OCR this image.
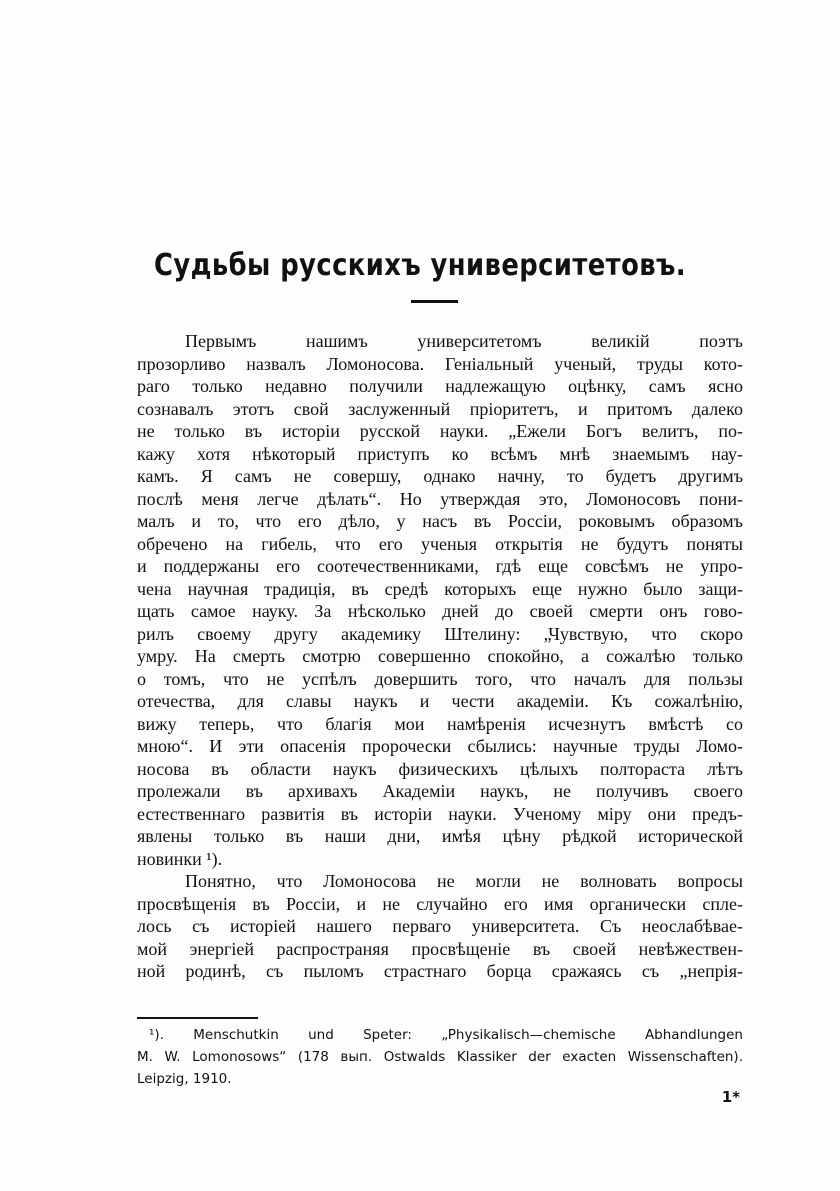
Судьбы русскихъ университетовъ.
Первымъ нашимъ университетомъ великій поэтъ
прозорливо назвалъ Ломоносова. Геніальный ученый, труды кото-
раго только недавно получили надлежащую оцѣнку, самъ ясно
сознавалъ этотъ свой заслуженный пріоритетъ, и притомъ далеко
не только въ исторіи русской науки. „Ежели Богъ велитъ, по-
кажу хотя нѣкоторый приступъ ко всѣмъ мнѣ знаемымъ нау-
камъ. Я самъ не совершу, однако начну, то будетъ другимъ
послѣ меня легче дѣлать“. Но утверждая это, Ломоносовъ пони-
малъ и то, что его дѣло, у насъ въ Россіи, роковымъ образомъ
обречено на гибель, что его ученыя открытія не будутъ поняты
и поддержаны его соотечественниками, гдѣ еще совсѣмъ не упро-
чена научная традиція, въ средѣ которыхъ еще нужно было защи-
щать самое науку. За нѣсколько дней до своей смерти онъ гово-
рилъ своему другу академику Штелину: „Чувствую, что скоро
умру. На смерть смотрю совершенно спокойно, а сожалѣю только
о томъ, что не успѣлъ довершить того, что началъ для пользы
отечества, для славы наукъ и чести академіи. Къ сожалѣнію,
вижу теперь, что благія мои намѣренія исчезнутъ вмѣстѣ со
мною“. И эти опасенія пророчески сбылись: научные труды Ломо-
носова въ области наукъ физическихъ цѣлыхъ полтораста лѣтъ
пролежали въ архивахъ Академіи наукъ, не получивъ своего
естественнаго развитія въ исторіи науки. Ученому міру они предъ-
явлены только въ наши дни, имѣя цѣну рѣдкой исторической
новинки ¹).
Понятно, что Ломоносова не могли не волновать вопросы
просвѣщенія въ Россіи, и не случайно его имя органически спле-
лось съ исторіей нашего перваго университета. Съ неослабѣвае-
мой энергіей распространяя просвѣщеніе въ своей невѣжествен-
ной родинѣ, съ пыломъ страстнаго борца сражаясь съ „непрія-
¹). Menschutkin und Speter: „Physikalisch—chemische Abhandlungen
M. W. Lomonosows“ (178 вып. Ostwalds Klassiker der exacten Wissenschaften).
Leipzig, 1910.
1*
